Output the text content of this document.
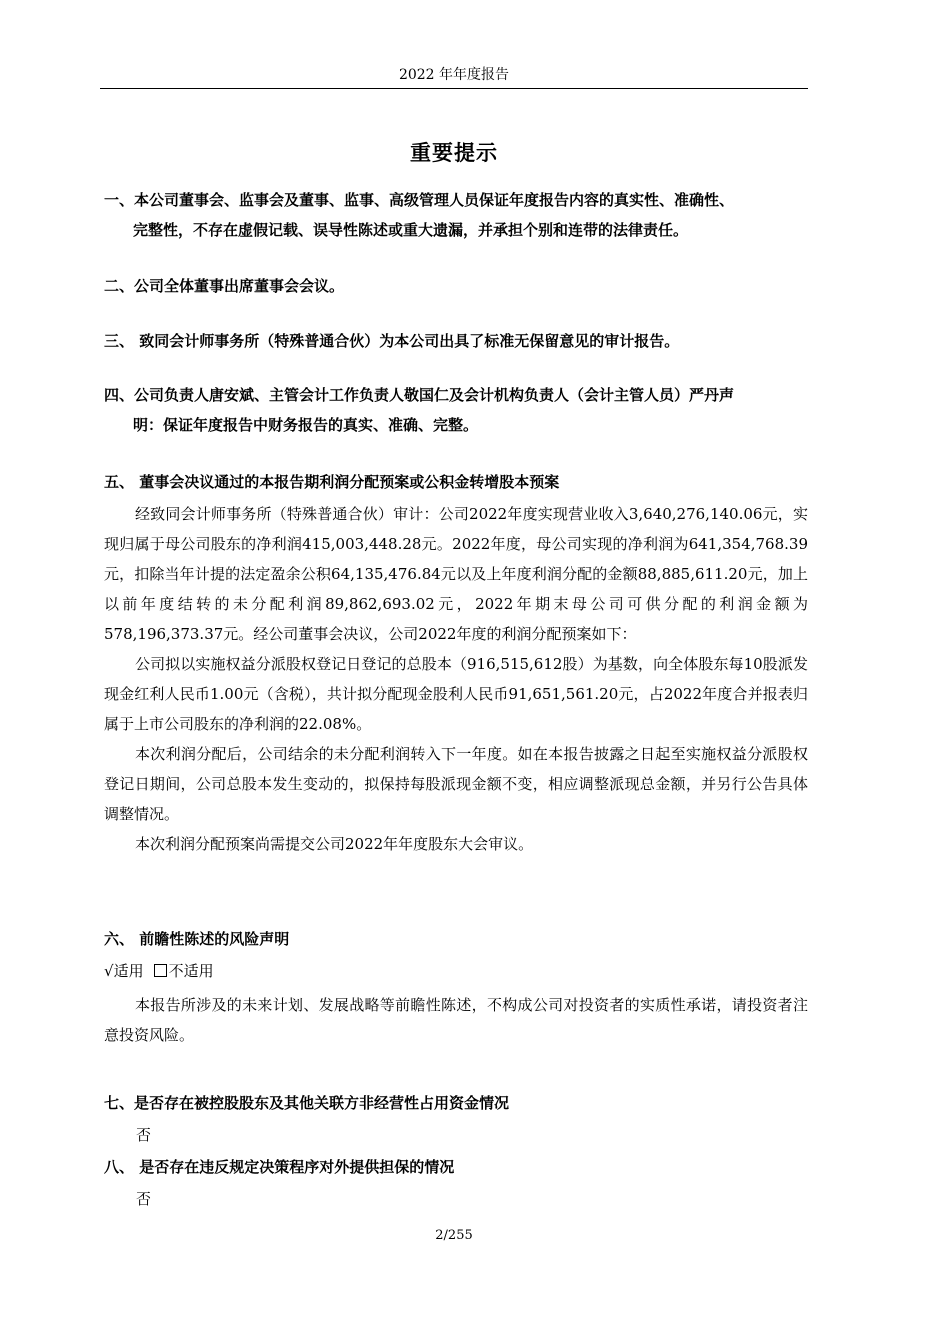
2022 年年度报告
重要提示
一、本公司董事会、监事会及董事、监事、高级管理人员保证年度报告内容的真实性、准确性、
完整性，不存在虚假记载、误导性陈述或重大遗漏，并承担个别和连带的法律责任。
二、公司全体董事出席董事会会议。
三、 致同会计师事务所（特殊普通合伙）为本公司出具了标准无保留意见的审计报告。
四、公司负责人唐安斌、主管会计工作负责人敬国仁及会计机构负责人（会计主管人员）严丹声
明：保证年度报告中财务报告的真实、准确、完整。
五、 董事会决议通过的本报告期利润分配预案或公积金转增股本预案

经致同会计师事务所（特殊普通合伙）审计：公司2022年度实现营业收入3,640,276,140.06元，实现归属于母公司股东的净利润415,003,448.28元。2022年度，母公司实现的净利润为641,354,768.39元，扣除当年计提的法定盈余公积64,135,476.84元以及上年度利润分配的金额88,885,611.20元，加上以前年度结转的未分配利润89,862,693.02元，2022年期末母公司可供分配的利润金额为578,196,373.37元。经公司董事会决议，公司2022年度的利润分配预案如下：

公司拟以实施权益分派股权登记日登记的总股本（916,515,612股）为基数，向全体股东每10股派发现金红利人民币1.00元（含税），共计拟分配现金股利人民币91,651,561.20元，占2022年度合并报表归属于上市公司股东的净利润的22.08%。

本次利润分配后，公司结余的未分配利润转入下一年度。如在本报告披露之日起至实施权益分派股权登记日期间，公司总股本发生变动的，拟保持每股派现金额不变，相应调整派现总金额，并另行公告具体调整情况。

本次利润分配预案尚需提交公司2022年年度股东大会审议。

六、 前瞻性陈述的风险声明
√适用 不适用

本报告所涉及的未来计划、发展战略等前瞻性陈述，不构成公司对投资者的实质性承诺，请投资者注意投资风险。

七、是否存在被控股股东及其他关联方非经营性占用资金情况
否
八、 是否存在违反规定决策程序对外提供担保的情况
否
2/255
